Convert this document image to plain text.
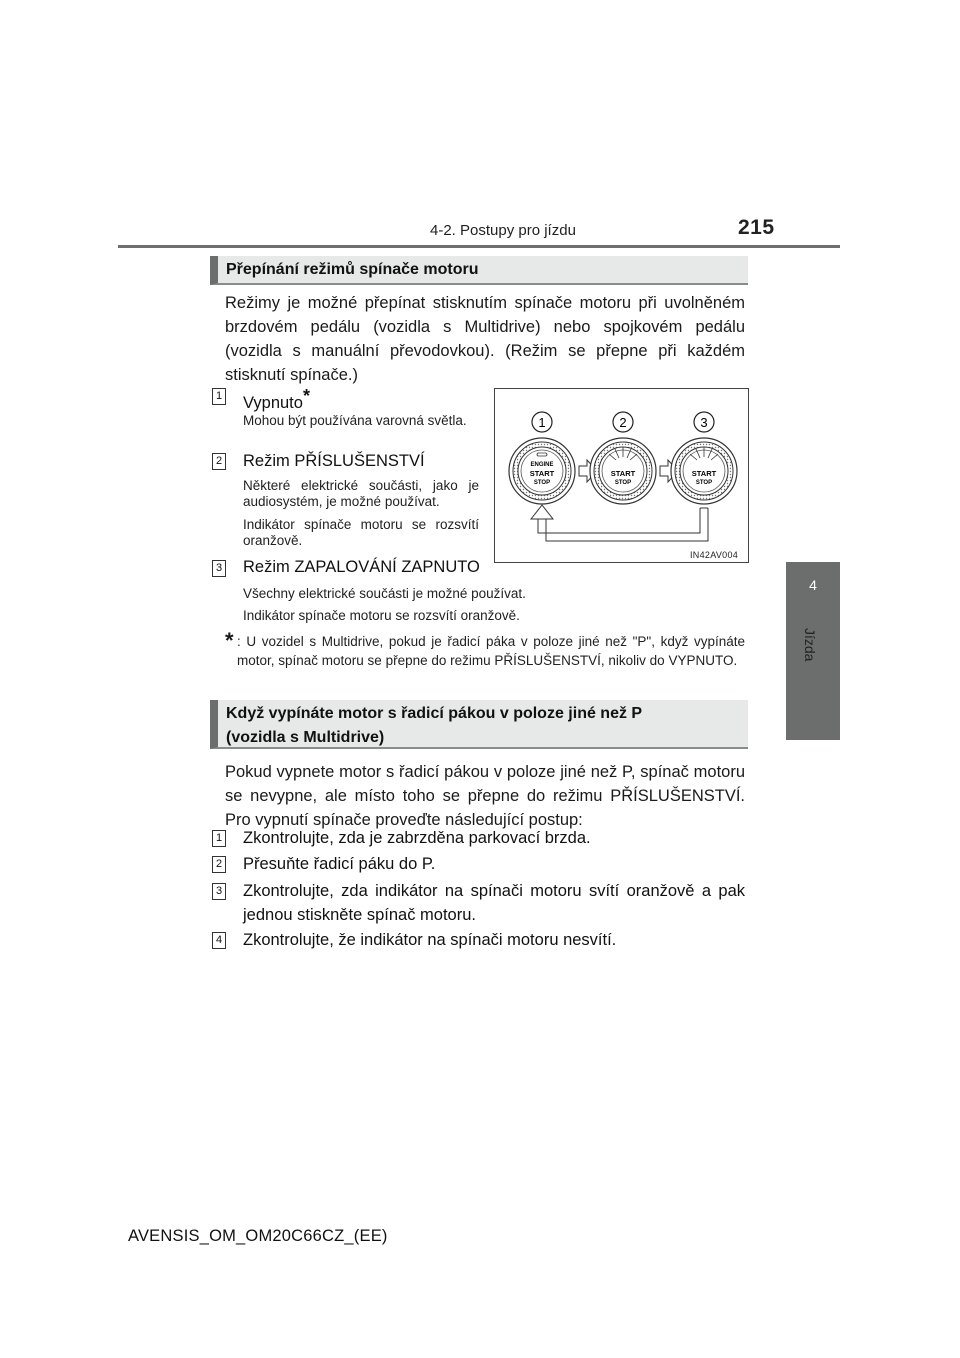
4-2. Postupy pro jízdu	215
4
Jízda
Přepínání režimů spínače motoru
Režimy je možné přepínat stisknutím spínače motoru při uvolněném brzdovém pedálu (vozidla s Multidrive) nebo spojkovém pedálu (vozidla s manuální převodovkou). (Režim se přepne při každém stisknutí spínače.)
1 Vypnuto*
Mohou být používána varovná světla.
2 Režim PŘÍSLUŠENSTVÍ
Některé elektrické součásti, jako je audiosystém, je možné používat.
Indikátor spínače motoru se rozsvítí oranžově.
3 Režim ZAPALOVÁNÍ ZAPNUTO
Všechny elektrické součásti je možné používat.
Indikátor spínače motoru se rozsvítí oranžově.
* : U vozidel s Multidrive, pokud je řadicí páka v poloze jiné než "P", když vypínáte motor, spínač motoru se přepne do režimu PŘÍSLUŠENSTVÍ, nikoliv do VYPNUTO.
1	2	3
ENGINE
START
STOP
START
STOP
START
STOP
IN42AV004
Když vypínáte motor s řadicí pákou v poloze jiné než P
(vozidla s Multidrive)
Pokud vypnete motor s řadicí pákou v poloze jiné než P, spínač motoru se nevypne, ale místo toho se přepne do režimu PŘÍSLUŠENSTVÍ. Pro vypnutí spínače proveďte následující postup:
1 Zkontrolujte, zda je zabrzděna parkovací brzda.
2 Přesuňte řadicí páku do P.
3 Zkontrolujte, zda indikátor na spínači motoru svítí oranžově a pak jednou stiskněte spínač motoru.
4 Zkontrolujte, že indikátor na spínači motoru nesvítí.
AVENSIS_OM_OM20C66CZ_(EE)
